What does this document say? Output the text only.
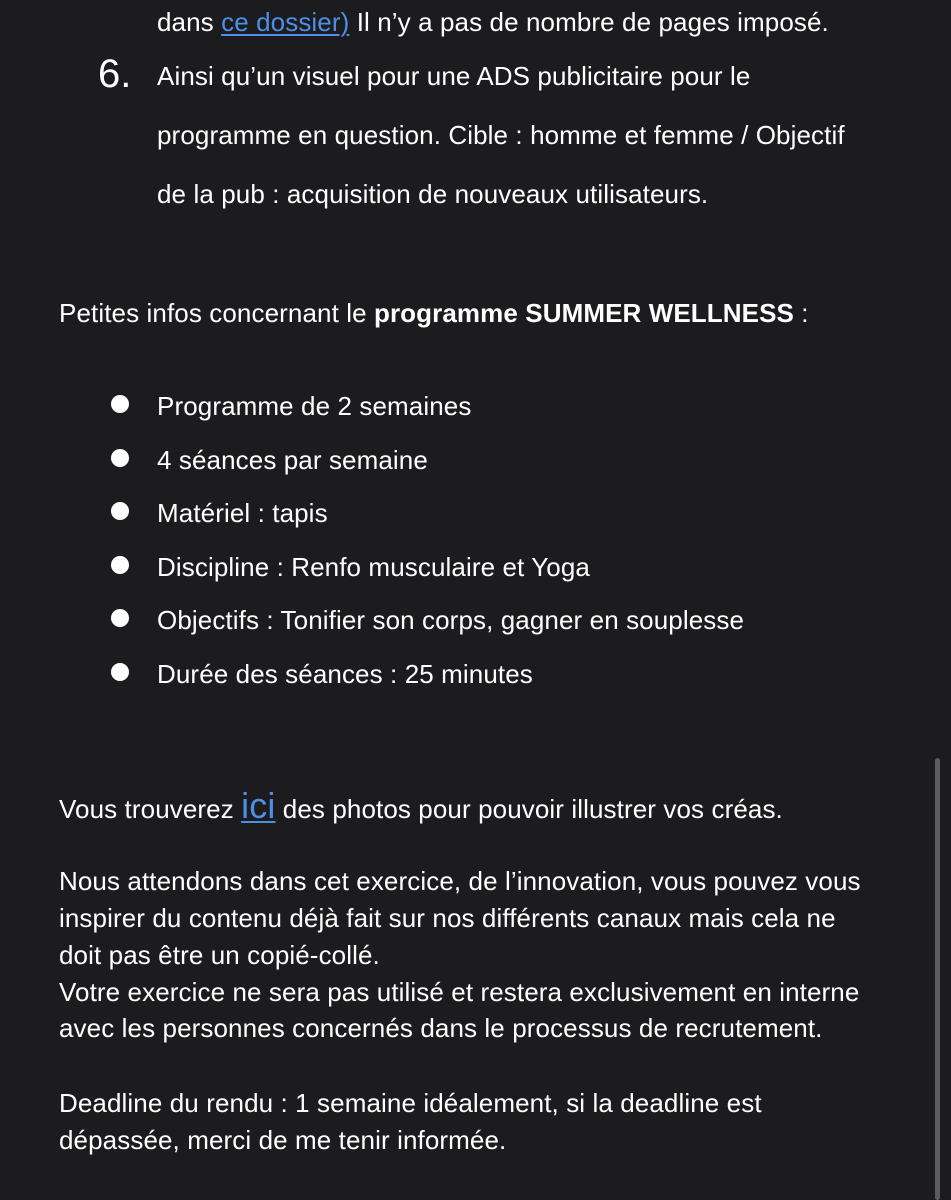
dans ce dossier) Il n’y a pas de nombre de pages imposé.
6. Ainsi qu’un visuel pour une ADS publicitaire pour le
programme en question. Cible : homme et femme / Objectif
de la pub : acquisition de nouveaux utilisateurs.
Petites infos concernant le programme SUMMER WELLNESS :
Programme de 2 semaines
4 séances par semaine
Matériel : tapis
Discipline : Renfo musculaire et Yoga
Objectifs : Tonifier son corps, gagner en souplesse
Durée des séances : 25 minutes
Vous trouverez ici des photos pour pouvoir illustrer vos créas.
Nous attendons dans cet exercice, de l’innovation, vous pouvez vous
inspirer du contenu déjà fait sur nos différents canaux mais cela ne
doit pas être un copié-collé.
Votre exercice ne sera pas utilisé et restera exclusivement en interne
avec les personnes concernés dans le processus de recrutement.
Deadline du rendu : 1 semaine idéalement, si la deadline est
dépassée, merci de me tenir informée.
